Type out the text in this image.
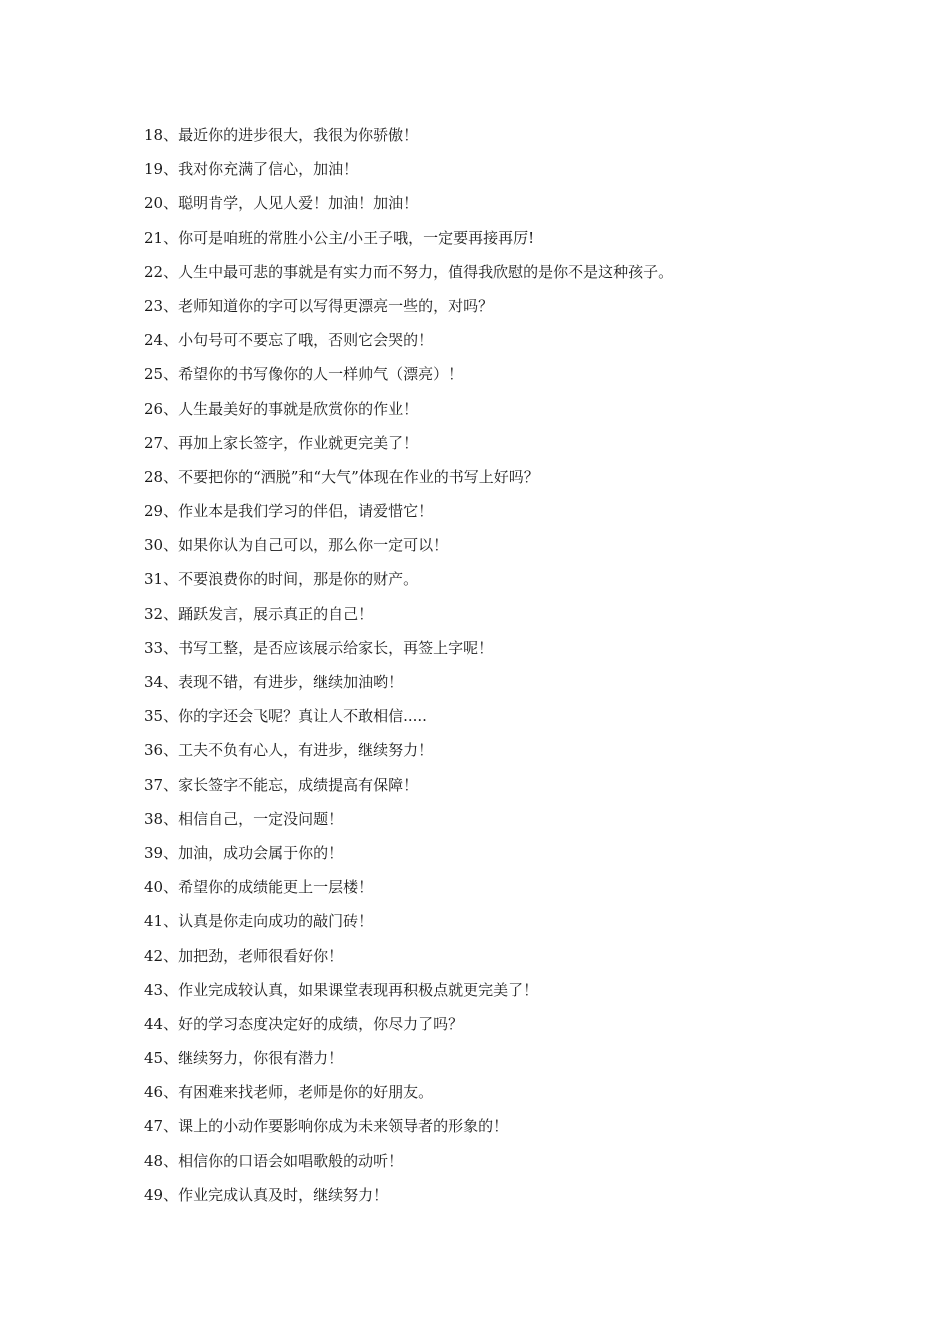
18、最近你的进步很大，我很为你骄傲！
19、我对你充满了信心，加油！
20、聪明肯学，人见人爱！加油！加油！
21、你可是咱班的常胜小公主/小王子哦，一定要再接再厉!
22、人生中最可悲的事就是有实力而不努力，值得我欣慰的是你不是这种孩子。
23、老师知道你的字可以写得更漂亮一些的，对吗？
24、小句号可不要忘了哦，否则它会哭的！
25、希望你的书写像你的人一样帅气（漂亮）！
26、人生最美好的事就是欣赏你的作业！
27、再加上家长签字，作业就更完美了！
28、不要把你的“洒脱”和“大气”体现在作业的书写上好吗？
29、作业本是我们学习的伴侣，请爱惜它！
30、如果你认为自己可以，那么你一定可以！
31、不要浪费你的时间，那是你的财产。
32、踊跃发言，展示真正的自己！
33、书写工整，是否应该展示给家长，再签上字呢！
34、表现不错，有进步，继续加油哟！
35、你的字还会飞呢？真让人不敢相信.....
36、工夫不负有心人，有进步，继续努力！
37、家长签字不能忘，成绩提高有保障！
38、相信自己，一定没问题！
39、加油，成功会属于你的！
40、希望你的成绩能更上一层楼！
41、认真是你走向成功的敲门砖！
42、加把劲，老师很看好你！
43、作业完成较认真，如果课堂表现再积极点就更完美了！
44、好的学习态度决定好的成绩，你尽力了吗？
45、继续努力，你很有潜力！
46、有困难来找老师，老师是你的好朋友。
47、课上的小动作要影响你成为未来领导者的形象的！
48、相信你的口语会如唱歌般的动听！
49、作业完成认真及时，继续努力！
